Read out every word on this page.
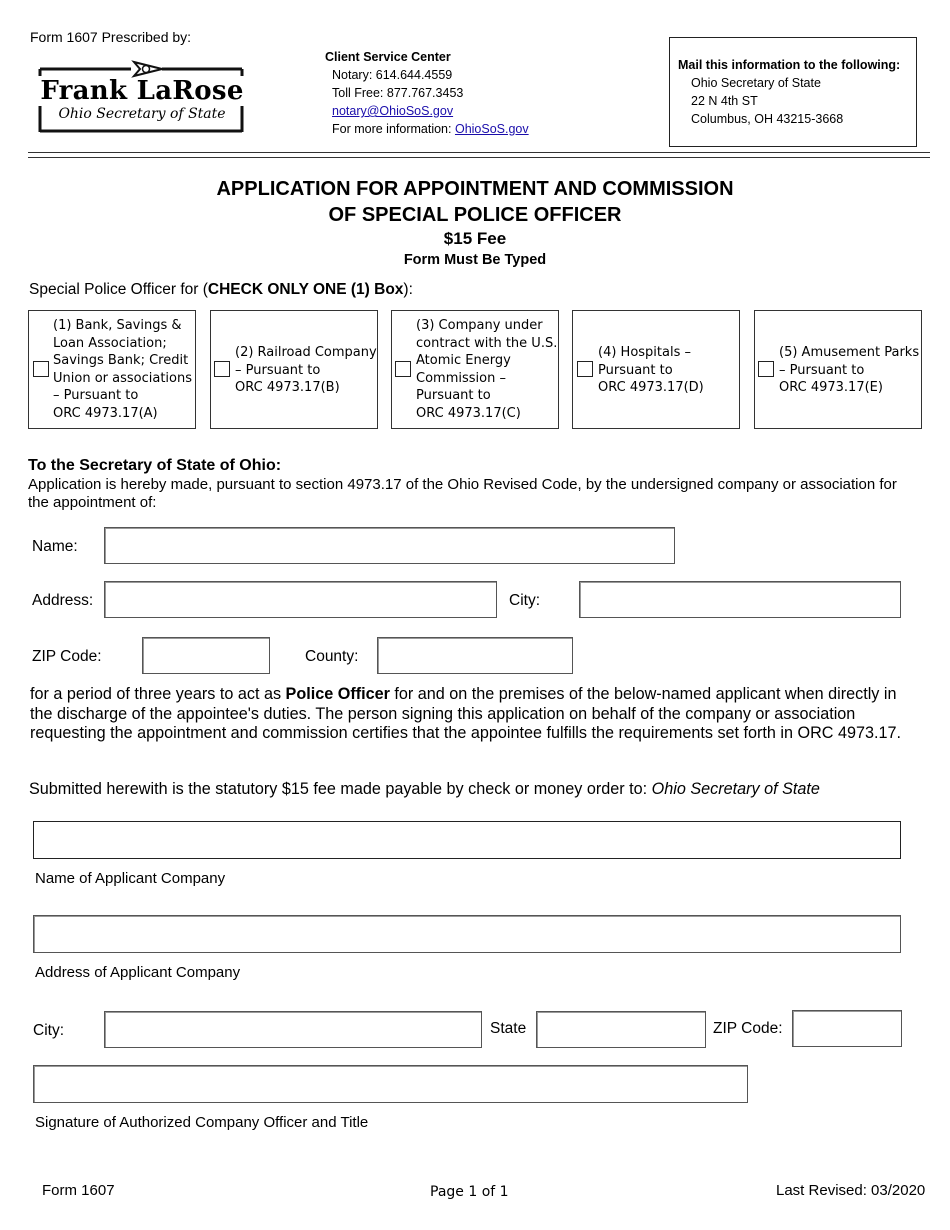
Form 1607 Prescribed by:
Frank LaRose
Ohio Secretary of State
Client Service Center
Notary: 614.644.4559
Toll Free: 877.767.3453
notary@OhioSoS.gov
For more information: OhioSoS.gov
Mail this information to the following:
Ohio Secretary of State
22 N 4th ST
Columbus, OH 43215-3668
APPLICATION FOR APPOINTMENT AND COMMISSION
OF SPECIAL POLICE OFFICER
$15 Fee
Form Must Be Typed
Special Police Officer for (CHECK ONLY ONE (1) Box):
(1) Bank, Savings &
Loan Association;
Savings Bank; Credit
Union or associations
– Pursuant to
ORC 4973.17(A)
(2) Railroad Company
– Pursuant to
ORC 4973.17(B)
(3) Company under
contract with the U.S.
Atomic Energy
Commission –
Pursuant to
ORC 4973.17(C)
(4) Hospitals –
Pursuant to
ORC 4973.17(D)
(5) Amusement Parks
– Pursuant to
ORC 4973.17(E)
To the Secretary of State of Ohio:
Application is hereby made, pursuant to section 4973.17 of the Ohio Revised Code, by the undersigned company or association for the appointment of:
Name:
Address:	City:
ZIP Code:	County:
for a period of three years to act as Police Officer for and on the premises of the below-named applicant when directly in the discharge of the appointee's duties. The person signing this application on behalf of the company or association requesting the appointment and commission certifies that the appointee fulfills the requirements set forth in ORC 4973.17.
Submitted herewith is the statutory $15 fee made payable by check or money order to: Ohio Secretary of State
Name of Applicant Company
Address of Applicant Company
City:	State	ZIP Code:
Signature of Authorized Company Officer and Title
Form 1607	Page 1 of 1	Last Revised: 03/2020
